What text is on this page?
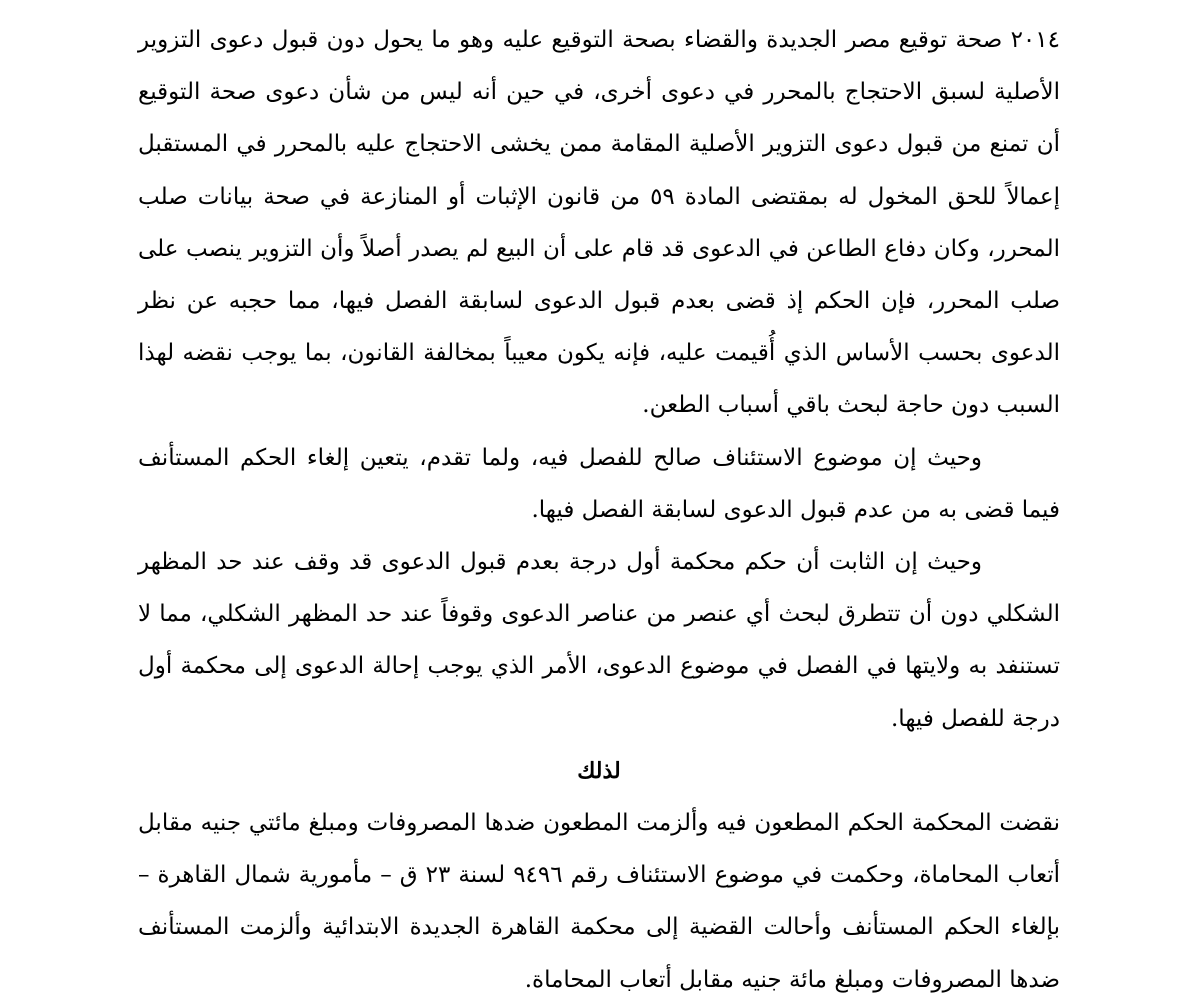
٢٠١٤ صحة توقيع مصر الجديدة والقضاء بصحة التوقيع عليه وهو ما يحول دون قبول دعوى التزوير الأصلية لسبق الاحتجاج بالمحرر في دعوى أخرى، في حين أنه ليس من شأن دعوى صحة التوقيع أن تمنع من قبول دعوى التزوير الأصلية المقامة ممن يخشى الاحتجاج عليه بالمحرر في المستقبل إعمالاً للحق المخول له بمقتضى المادة ٥٩ من قانون الإثبات أو المنازعة في صحة بيانات صلب المحرر، وكان دفاع الطاعن في الدعوى قد قام على أن البيع لم يصدر أصلاً وأن التزوير ينصب على صلب المحرر، فإن الحكم إذ قضى بعدم قبول الدعوى لسابقة الفصل فيها، مما حجبه عن نظر الدعوى بحسب الأساس الذي أُقيمت عليه، فإنه يكون معيباً بمخالفة القانون، بما يوجب نقضه لهذا السبب دون حاجة لبحث باقي أسباب الطعن.

وحيث إن موضوع الاستئناف صالح للفصل فيه، ولما تقدم، يتعين إلغاء الحكم المستأنف فيما قضى به من عدم قبول الدعوى لسابقة الفصل فيها.

وحيث إن الثابت أن حكم محكمة أول درجة بعدم قبول الدعوى قد وقف عند حد المظهر الشكلي دون أن تتطرق لبحث أي عنصر من عناصر الدعوى وقوفاً عند حد المظهر الشكلي، مما لا تستنفد به ولايتها في الفصل في موضوع الدعوى، الأمر الذي يوجب إحالة الدعوى إلى محكمة أول درجة للفصل فيها.

لذلك

نقضت المحكمة الحكم المطعون فيه وألزمت المطعون ضدها المصروفات ومبلغ مائتي جنيه مقابل أتعاب المحاماة، وحكمت في موضوع الاستئناف رقم ٩٤٩٦ لسنة ٢٣ ق – مأمورية شمال القاهرة – بإلغاء الحكم المستأنف وأحالت القضية إلى محكمة القاهرة الجديدة الابتدائية وألزمت المستأنف ضدها المصروفات ومبلغ مائة جنيه مقابل أتعاب المحاماة.
